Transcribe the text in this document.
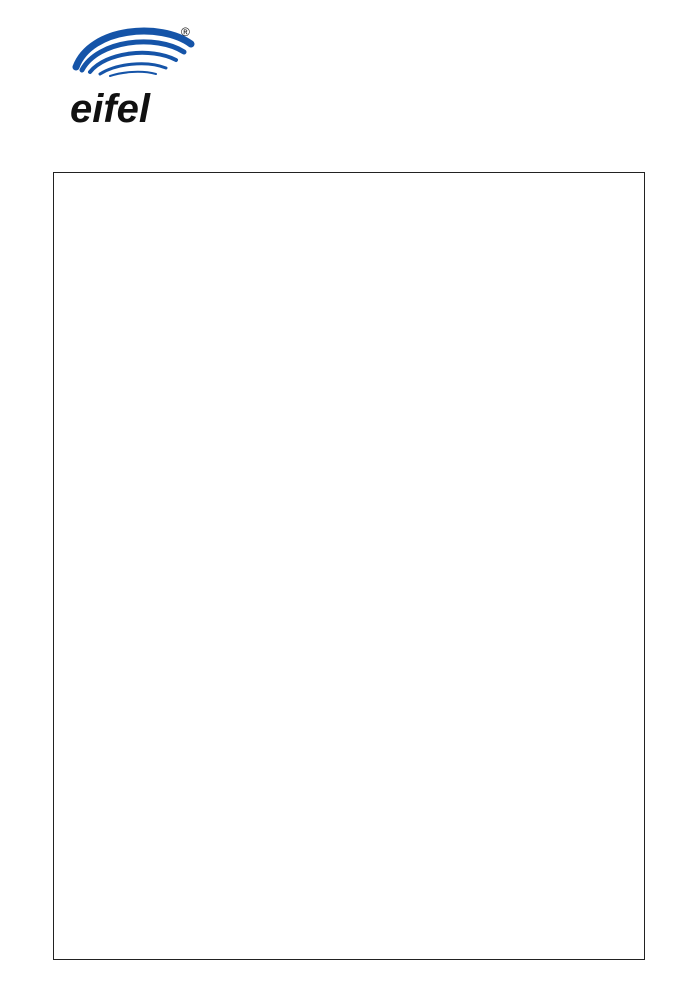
®
eifel
